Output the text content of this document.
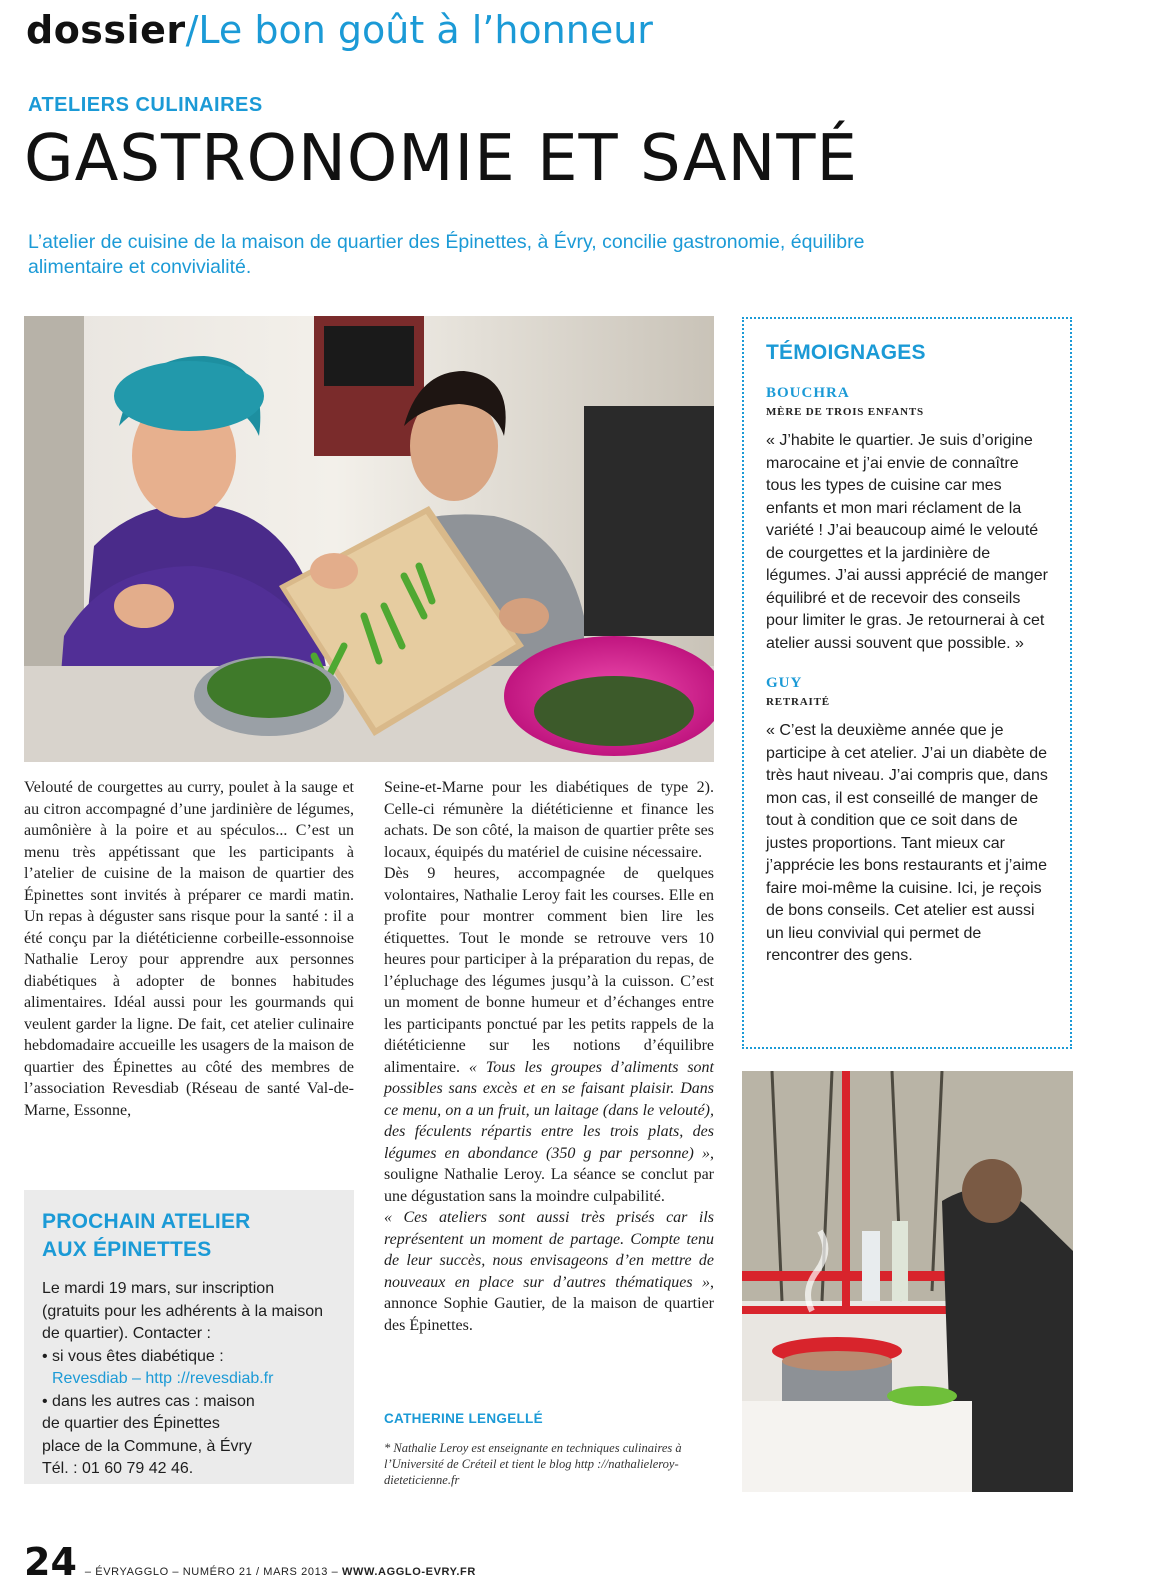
dossier/Le bon goût à l’honneur
ATELIERS CULINAIRES
GASTRONOMIE ET SANTÉ
L’atelier de cuisine de la maison de quartier des Épinettes, à Évry, concilie gastronomie, équilibre alimentaire et convivialité.

Velouté de courgettes au curry, poulet à la sauge et au citron accompagné d’une jardinière de légumes, aumônière à la poire et au spéculos... C’est un menu très appétissant que les participants à l’atelier de cuisine de la maison de quartier des Épinettes sont invités à préparer ce mardi matin. Un repas à déguster sans risque pour la santé : il a été conçu par la diététicienne corbeille-essonnoise Nathalie Leroy pour apprendre aux personnes diabétiques à adopter de bonnes habitudes alimentaires. Idéal aussi pour les gourmands qui veulent garder la ligne. De fait, cet atelier culinaire hebdomadaire accueille les usagers de la maison de quartier des Épinettes au côté des membres de l’association Revesdiab (Réseau de santé Val-de-Marne, Essonne,

Seine-et-Marne pour les diabétiques de type 2). Celle-ci rémunère la diététicienne et finance les achats. De son côté, la maison de quartier prête ses locaux, équipés du matériel de cuisine nécessaire.

Dès 9 heures, accompagnée de quelques volontaires, Nathalie Leroy fait les courses. Elle en profite pour montrer comment bien lire les étiquettes. Tout le monde se retrouve vers 10 heures pour participer à la préparation du repas, de l’épluchage des légumes jusqu’à la cuisson. C’est un moment de bonne humeur et d’échanges entre les participants ponctué par les petits rappels de la diététicienne sur les notions d’équilibre alimentaire. « Tous les groupes d’aliments sont possibles sans excès et en se faisant plaisir. Dans ce menu, on a un fruit, un laitage (dans le velouté), des féculents répartis entre les trois plats, des légumes en abondance (350 g par personne) », souligne Nathalie Leroy. La séance se conclut par une dégustation sans la moindre culpabilité.

« Ces ateliers sont aussi très prisés car ils représentent un moment de partage. Compte tenu de leur succès, nous envisageons d’en mettre de nouveaux en place sur d’autres thématiques », annonce Sophie Gautier, de la maison de quartier des Épinettes.

CATHERINE LENGELLÉ
* Nathalie Leroy est enseignante en techniques culinaires à l’Université de Créteil et tient le blog http ://nathalieleroy-dieteticienne.fr
PROCHAIN ATELIER
AUX ÉPINETTES
Le mardi 19 mars, sur inscription (gratuits pour les adhérents à la maison de quartier). Contacter :
• si vous êtes diabétique :
Revesdiab – http ://revesdiab.fr
• dans les autres cas : maison
de quartier des Épinettes
place de la Commune, à Évry
Tél. : 01 60 79 42 46.
TÉMOIGNAGES
BOUCHRA
MÈRE DE TROIS ENFANTS
« J’habite le quartier. Je suis d’origine marocaine et j’ai envie de connaître tous les types de cuisine car mes enfants et mon mari réclament de la variété ! J’ai beaucoup aimé le velouté de courgettes et la jardinière de légumes. J’ai aussi apprécié de manger équilibré et de recevoir des conseils pour limiter le gras. Je retournerai à cet atelier aussi souvent que possible. »
GUY
RETRAITÉ
« C’est la deuxième année que je participe à cet atelier. J’ai un diabète de très haut niveau. J’ai compris que, dans mon cas, il est conseillé de manger de tout à condition que ce soit dans de justes proportions. Tant mieux car j’apprécie les bons restaurants et j’aime faire moi-même la cuisine. Ici, je reçois de bons conseils. Cet atelier est aussi un lieu convivial qui permet de rencontrer des gens.
24 – ÉVRYAGGLO – NUMÉRO 21 / MARS 2013 – WWW.AGGLO-EVRY.FR
